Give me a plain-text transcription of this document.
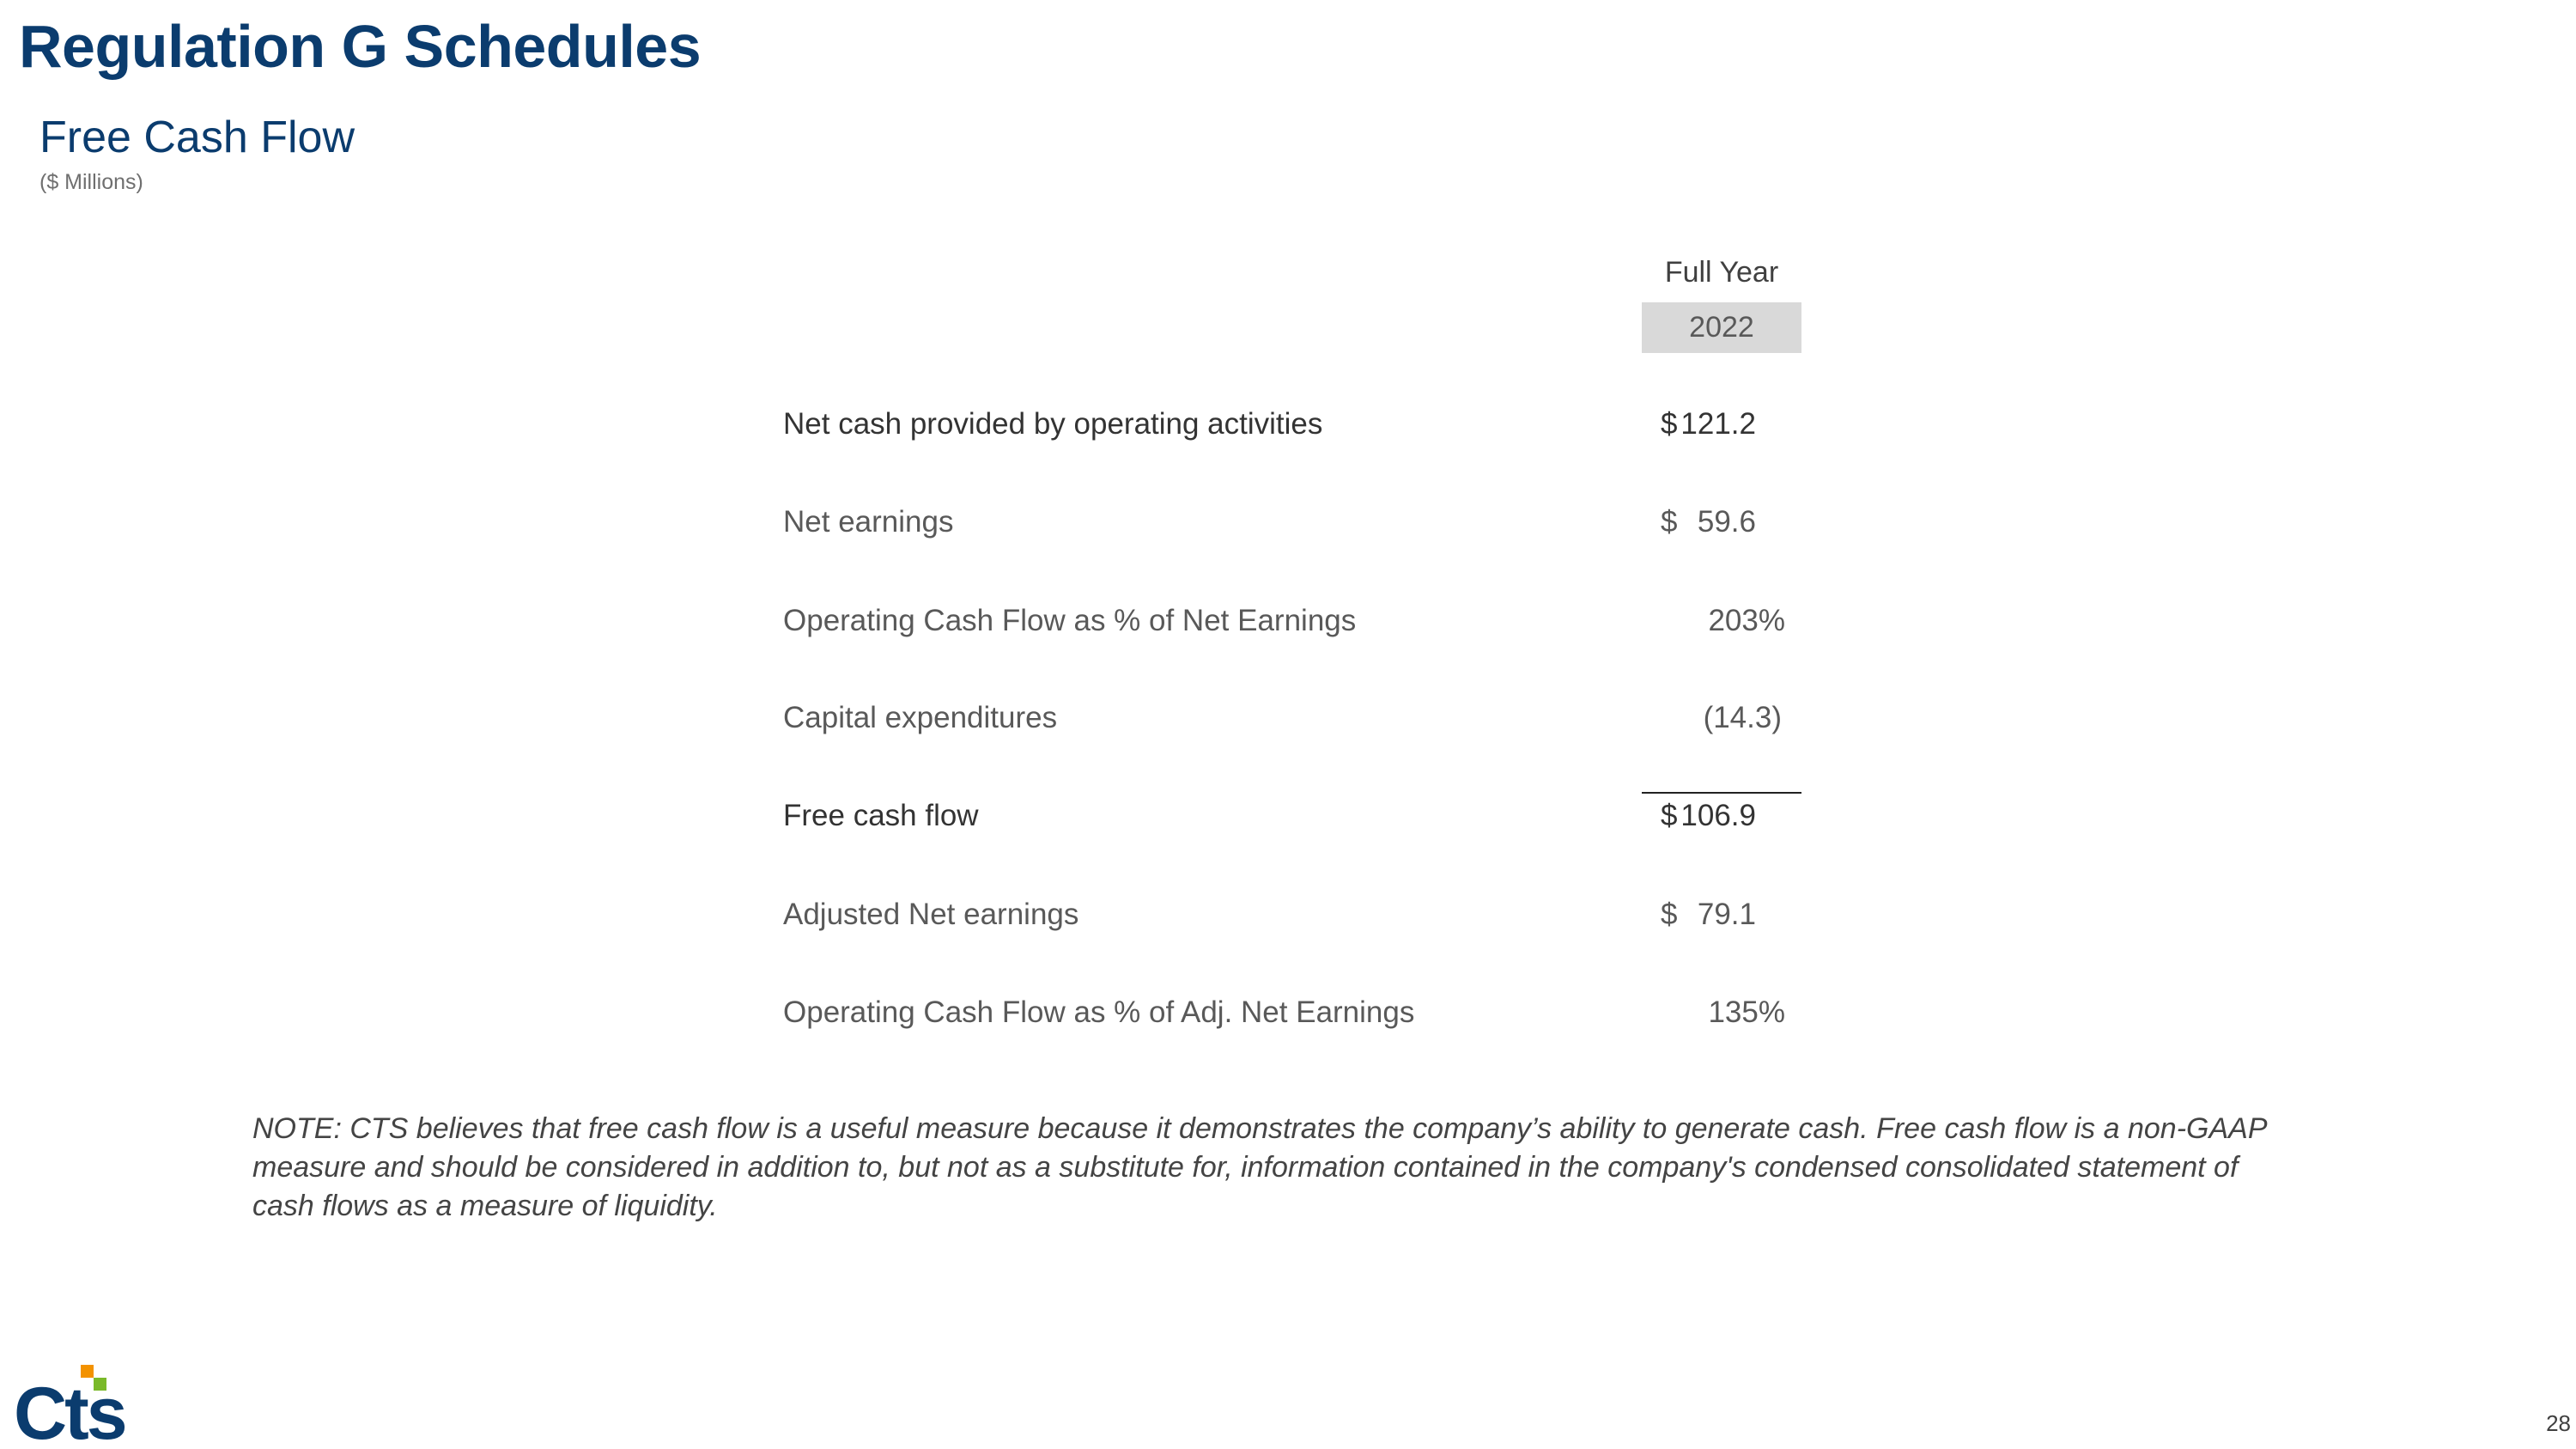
Regulation G Schedules
Free Cash Flow
($ Millions)
Full Year
2022
Net cash provided by operating activities	$ 121.2
Net earnings	$ 59.6
Operating Cash Flow as % of Net Earnings	203%
Capital expenditures	(14.3)
Free cash flow	$ 106.9
Adjusted Net earnings	$ 79.1
Operating Cash Flow as % of Adj. Net Earnings	135%
NOTE: CTS believes that free cash flow is a useful measure because it demonstrates the company’s ability to generate cash. Free cash flow is a non-GAAP measure and should be considered in addition to, but not as a substitute for, information contained in the company's condensed consolidated statement of cash flows as a measure of liquidity.
Cts	28
